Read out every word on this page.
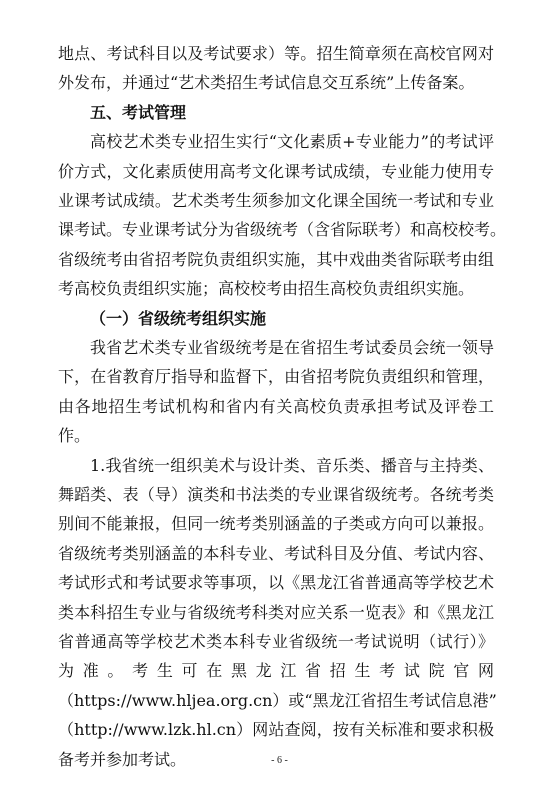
地点、考试科目以及考试要求）等。招生简章须在高校官网对
外发布，并通过“艺术类招生考试信息交互系统”上传备案。
五、考试管理
高校艺术类专业招生实行“文化素质+专业能力”的考试评
价方式，文化素质使用高考文化课考试成绩，专业能力使用专
业课考试成绩。艺术类考生须参加文化课全国统一考试和专业
课考试。专业课考试分为省级统考（含省际联考）和高校校考。
省级统考由省招考院负责组织实施，其中戏曲类省际联考由组
考高校负责组织实施；高校校考由招生高校负责组织实施。
（一）省级统考组织实施
我省艺术类专业省级统考是在省招生考试委员会统一领导
下，在省教育厅指导和监督下，由省招考院负责组织和管理，
由各地招生考试机构和省内有关高校负责承担考试及评卷工
作。
1.我省统一组织美术与设计类、音乐类、播音与主持类、
舞蹈类、表（导）演类和书法类的专业课省级统考。各统考类
别间不能兼报，但同一统考类别涵盖的子类或方向可以兼报。
省级统考类别涵盖的本科专业、考试科目及分值、考试内容、
考试形式和考试要求等事项，以《黑龙江省普通高等学校艺术
类本科招生专业与省级统考科类对应关系一览表》和《黑龙江
省普通高等学校艺术类本科专业省级统一考试说明（试行）》
为 准 。 考 生 可 在 黑 龙 江 省 招 生 考 试 院 官 网
（https://www.hljea.org.cn）或“黑龙江省招生考试信息港”
（http://www.lzk.hl.cn）网站查阅，按有关标准和要求积极
备考并参加考试。	- 6 -
